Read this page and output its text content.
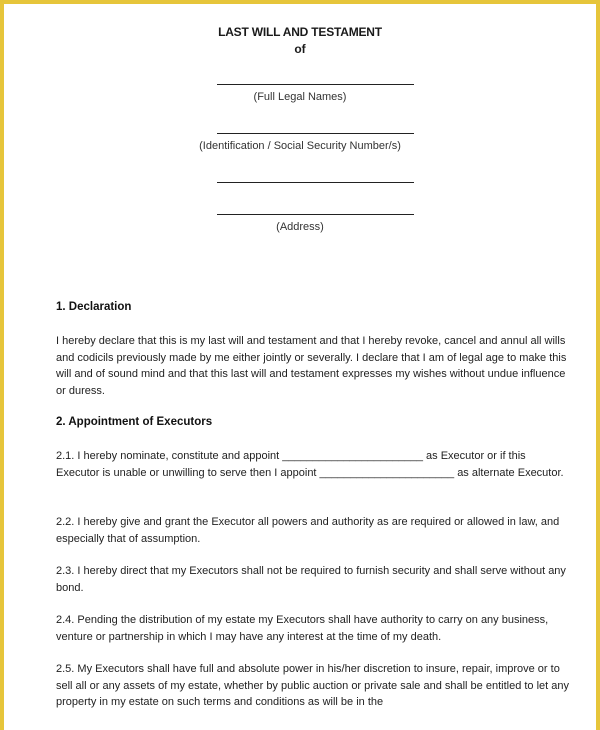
LAST WILL AND TESTAMENT
of
(Full Legal Names)
(Identification / Social Security Number/s)
(Address)
1. Declaration
I hereby declare that this is my last will and testament and that I hereby revoke, cancel and annul all wills and codicils previously made by me either jointly or severally. I declare that I am of legal age to make this will and of sound mind and that this last will and testament expresses my wishes without undue influence or duress.
2. Appointment of Executors
2.1. I hereby nominate, constitute and appoint _______________________ as Executor or if this Executor is unable or unwilling to serve then I appoint ______________________ as alternate Executor.
2.2. I hereby give and grant the Executor all powers and authority as are required or allowed in law, and especially that of assumption.
2.3. I hereby direct that my Executors shall not be required to furnish security and shall serve without any bond.
2.4. Pending the distribution of my estate my Executors shall have authority to carry on any business, venture or partnership in which I may have any interest at the time of my death.
2.5. My Executors shall have full and absolute power in his/her discretion to insure, repair, improve or to sell all or any assets of my estate, whether by public auction or private sale and shall be entitled to let any property in my estate on such terms and conditions as will be in the
